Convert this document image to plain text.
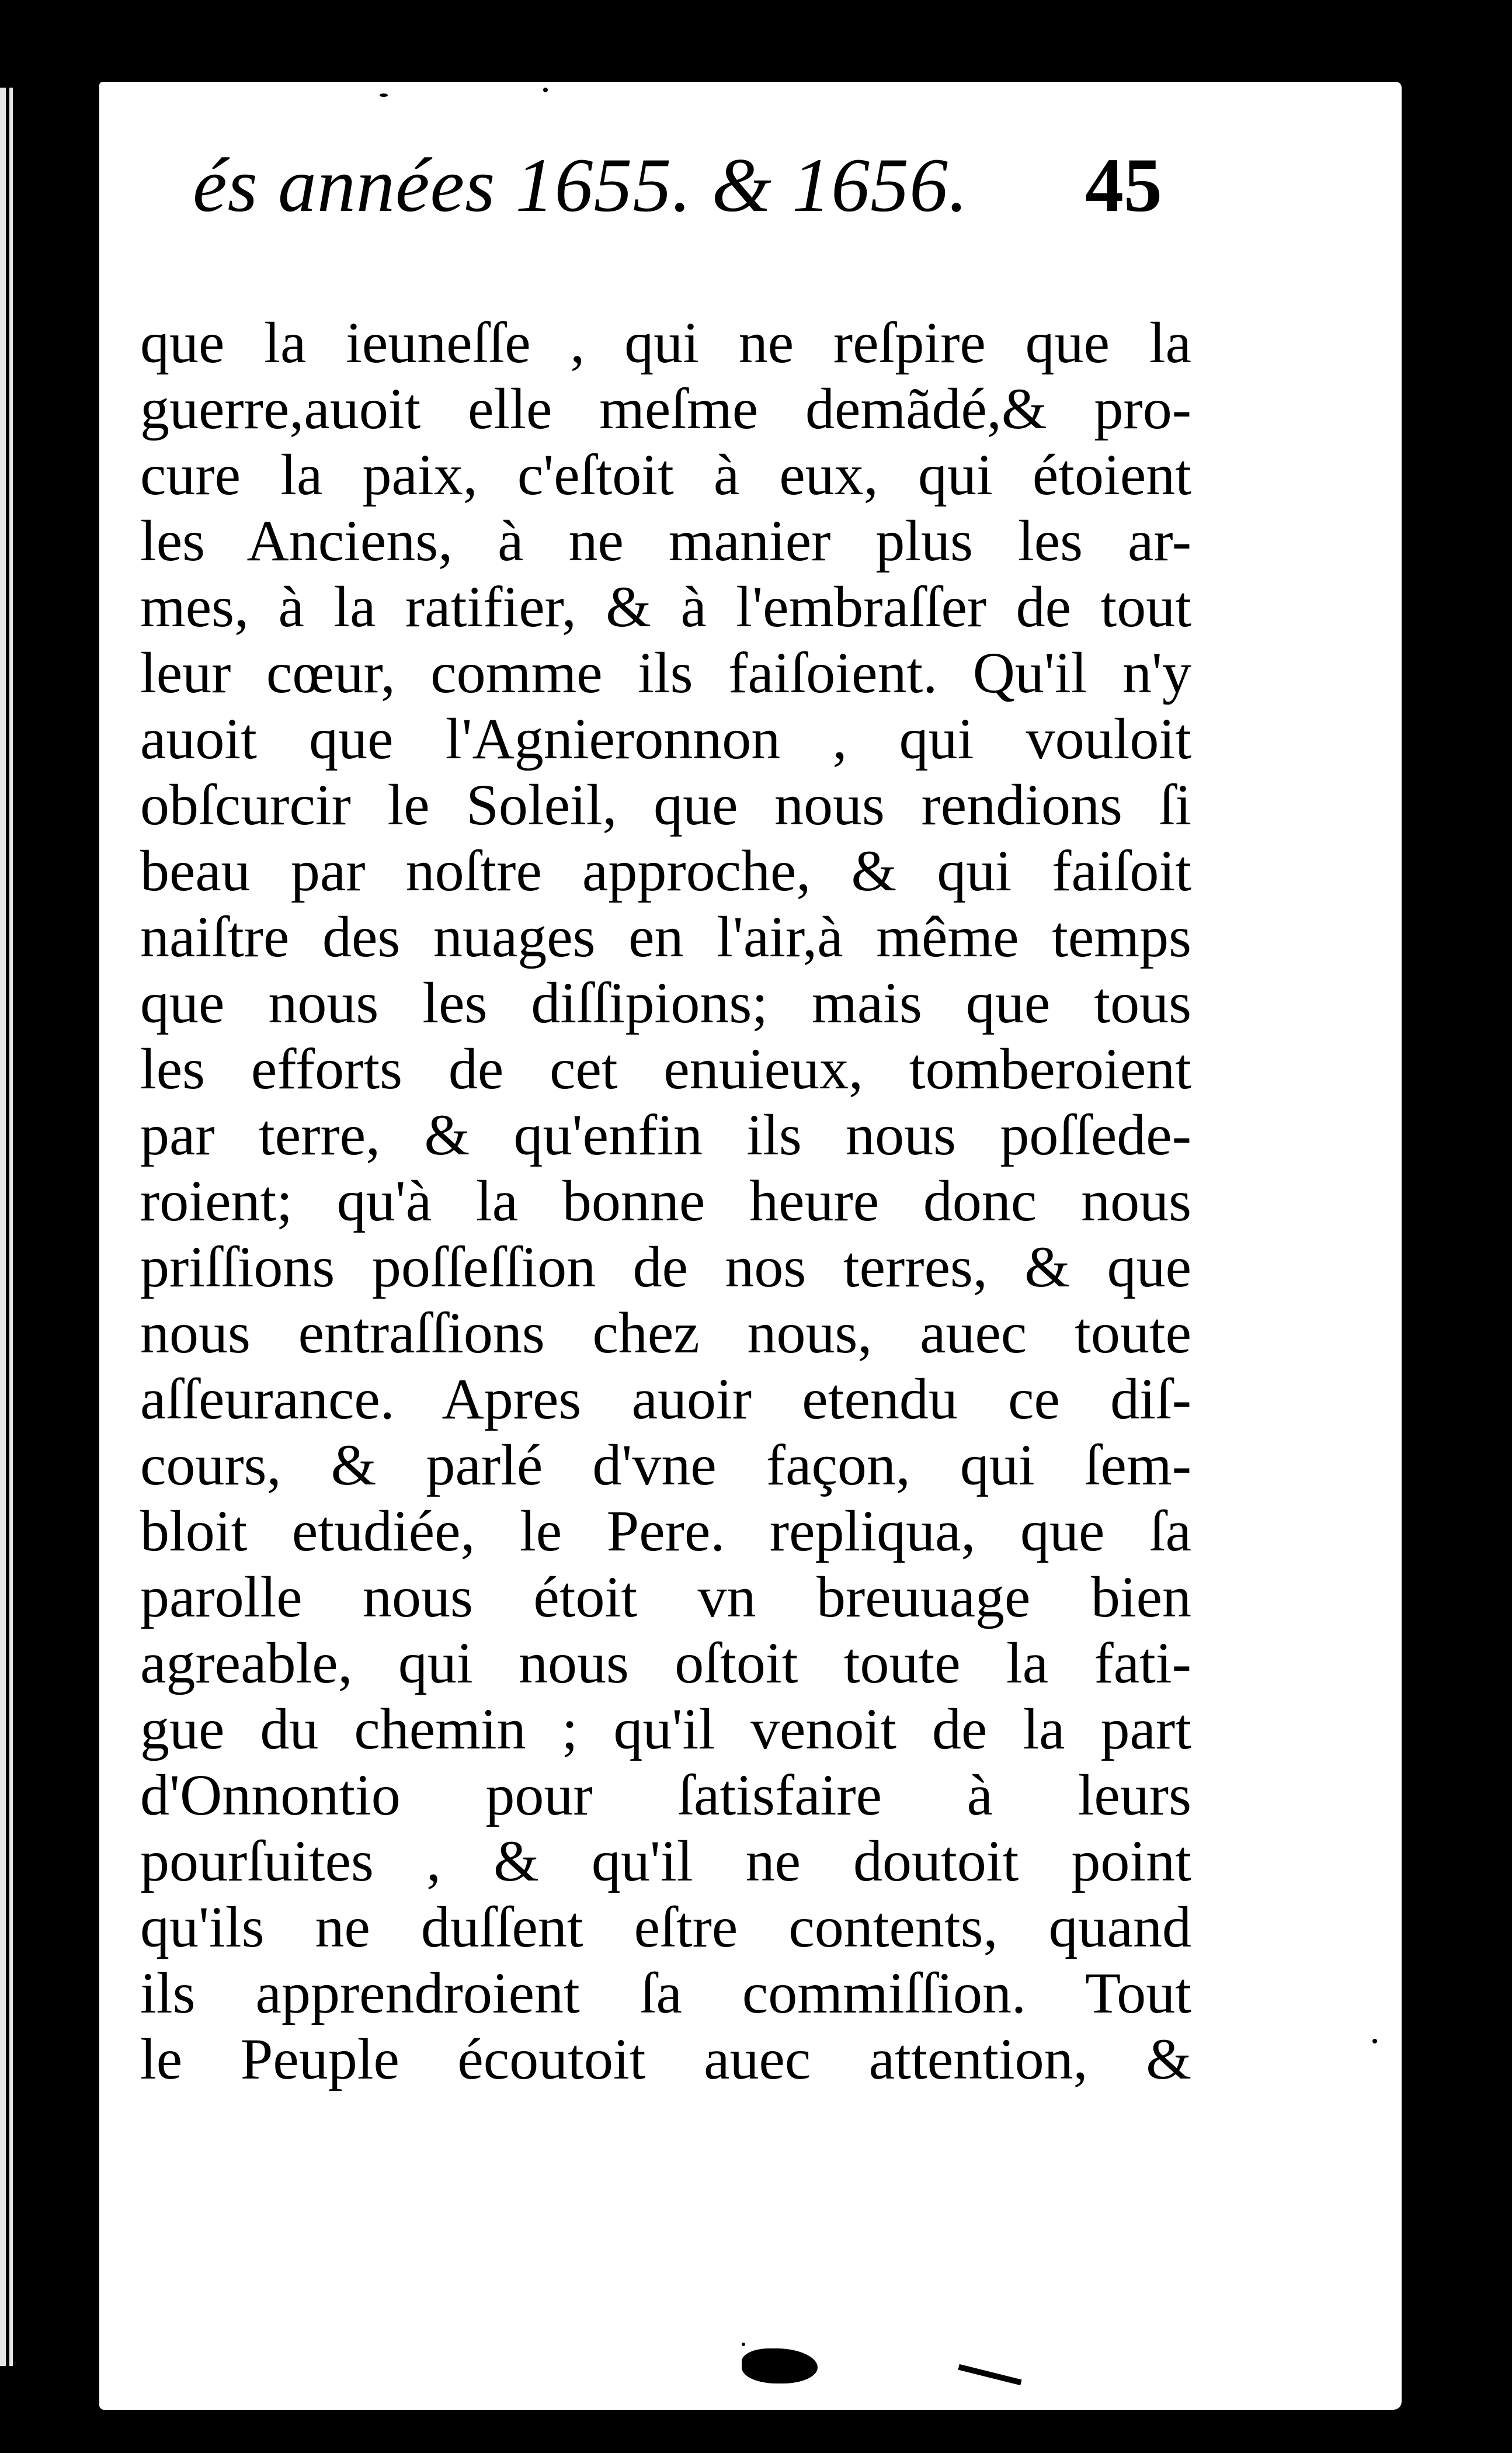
és années 1655. & 1656. 45
que la ieuneſſe , qui ne reſpire que la
guerre,auoit elle meſme demãdé,& pro-
cure la paix, c'eſtoit à eux, qui étoient
les Anciens, à ne manier plus les ar-
mes, à la ratifier, & à l'embraſſer de tout
leur cœur, comme ils faiſoient. Qu'il n'y
auoit que l'Agnieronnon , qui vouloit
obſcurcir le Soleil, que nous rendions ſi
beau par noſtre approche, & qui faiſoit
naiſtre des nuages en l'air,à même temps
que nous les diſſipions; mais que tous
les efforts de cet enuieux, tomberoient
par terre, & qu'enfin ils nous poſſede-
roient; qu'à la bonne heure donc nous
priſſions poſſeſſion de nos terres, & que
nous entraſſions chez nous, auec toute
aſſeurance. Apres auoir etendu ce diſ-
cours, & parlé d'vne façon, qui ſem-
bloit etudiée, le Pere. repliqua, que ſa
parolle nous étoit vn breuuage bien
agreable, qui nous oſtoit toute la fati-
gue du chemin ; qu'il venoit de la part
d'Onnontio pour ſatisfaire à leurs
pourſuites , & qu'il ne doutoit point
qu'ils ne duſſent eſtre contents, quand
ils apprendroient ſa commiſſion. Tout
le Peuple écoutoit auec attention, &
